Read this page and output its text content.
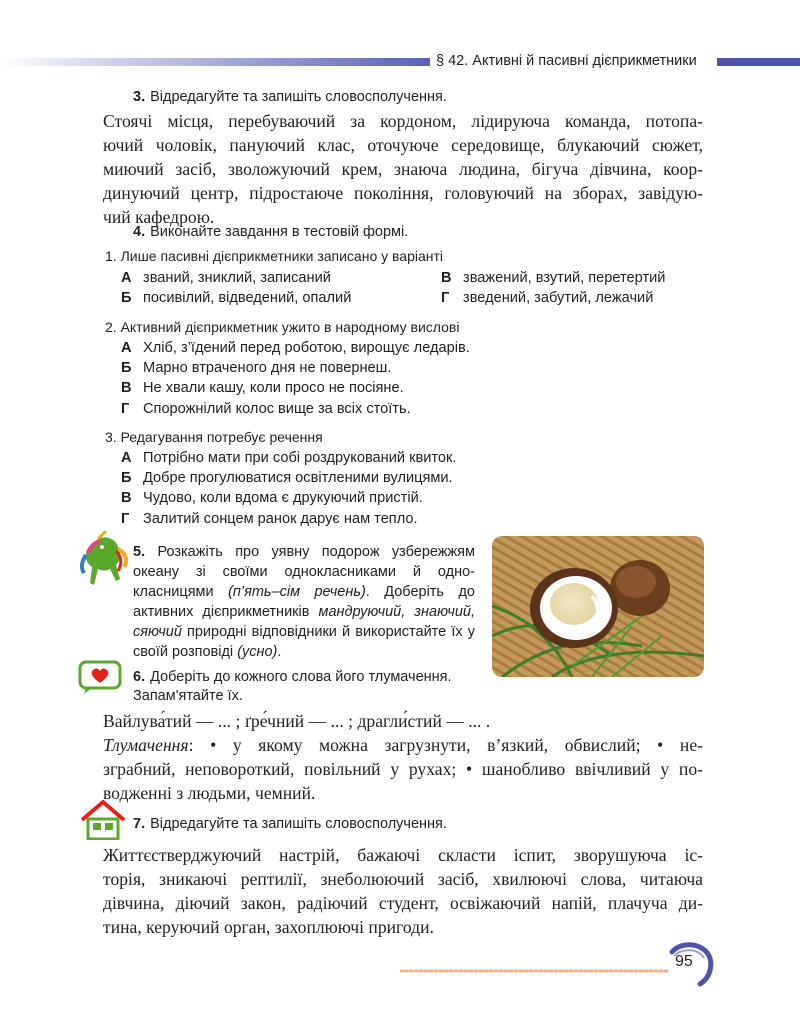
§ 42. Активні й пасивні дієприкметники
3. Відредагуйте та запишіть словосполучення.
Стоячі місця, перебуваючий за кордоном, лідируюча команда, потопа-
ючий чоловік, пануючий клас, оточуюче середовище, блукаючий сюжет,
миючий засіб, зволожуючий крем, знаюча людина, бігуча дівчина, коор-
динуючий центр, підростаюче покоління, головуючий на зборах, завідую-
чий кафедрою.
4. Виконайте завдання в тестовій формі.
1. Лише пасивні дієприкметники записано у варіанті
А званий, зниклий, записаний
Б посивілий, відведений, опалий
В зважений, взутий, перетертий
Г зведений, забутий, лежачий
2. Активний дієприкметник ужито в народному вислові
А Хліб, з’їдений перед роботою, вирощує ледарів.
Б Марно втраченого дня не повернеш.
В Не хвали кашу, коли просо не посіяне.
Г Спорожнілий колос вище за всіх стоїть.
3. Редагування потребує речення
А Потрібно мати при собі роздрукований квиток.
Б Добре прогулюватися освітленими вулицями.
В Чудово, коли вдома є друкуючий пристій.
Г Залитий сонцем ранок дарує нам тепло.
5. Розкажіть про уявну подорож узбережжям океану зі своїми однокласниками й однокласницями (п’ять–сім речень). Доберіть до активних дієприкметників мандруючий, знаючий, сяючий природні відповідники й використайте їх у своїй розповіді (усно).
6. Доберіть до кожного слова його тлумачення.
Запам'ятайте їх.
Вайлува́тий — ... ; ґре́чний — ... ; драгли́стий — ... .
Тлумачення: • у якому можна загрузнути, в’язкий, обвислий; • не-
зграбний, неповороткий, повільний у рухах; • шанобливо ввічливий у по-
водженні з людьми, чемний.
7. Відредагуйте та запишіть словосполучення.
Життєстверджуючий настрій, бажаючі скласти іспит, зворушуюча іс-
торія, зникаючі рептилії, знеболюючий засіб, хвилюючі слова, читаюча
дівчина, діючий закон, радіючий студент, освіжаючий напій, плачуча ди-
тина, керуючий орган, захоплюючі пригоди.
95
